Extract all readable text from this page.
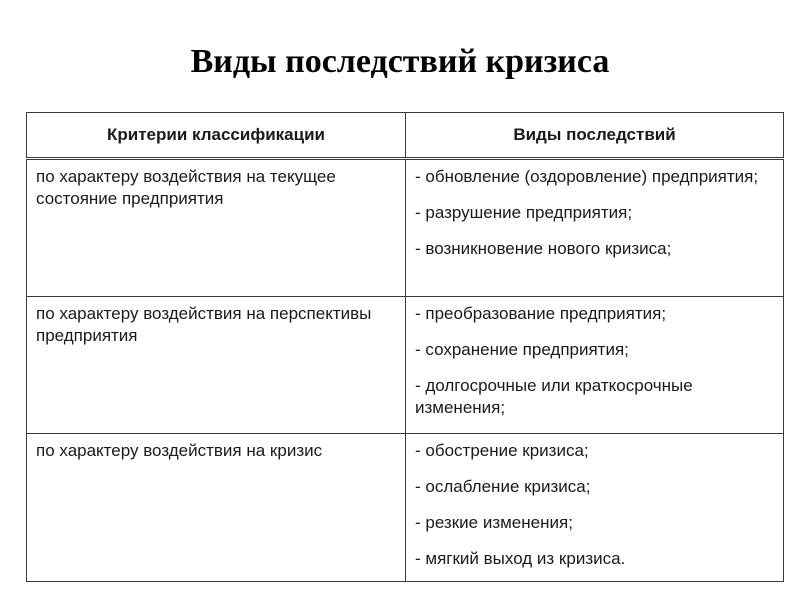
Виды последствий кризиса
Критерии классификации	Виды последствий
по характеру воздействия на текущее состояние предприятия	- обновление (оздоровление) предприятия;
- разрушение предприятия;
- возникновение нового кризиса;

по характеру воздействия на перспективы предприятия	- преобразование предприятия;
- сохранение предприятия;
- долгосрочные или краткосрочные изменения;

по характеру воздействия на кризис	- обострение кризиса;
- ослабление кризиса;
- резкие изменения;
- мягкий выход из кризиса.
